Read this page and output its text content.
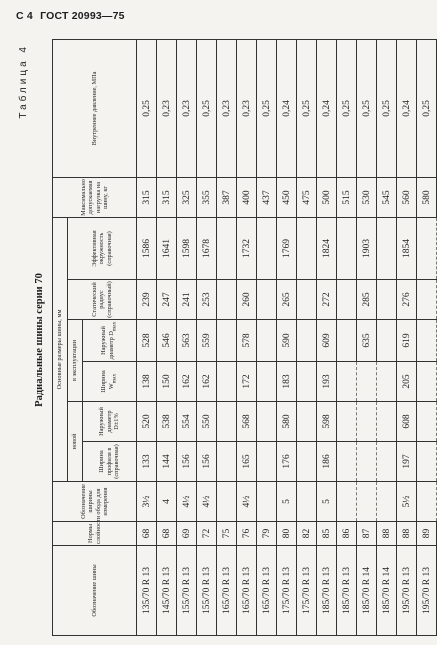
С 4 ГОСТ 20993—75
Таблица 4
Радиальные шины серии 70
Обозначение шины	Нормы слойности	Обозначение ширины обода для измерения	Основные размеры шины, мм						Максимально допускаемая нагрузка на шину, кг	Внутреннее давление, МПа
			новой		в эксплуатации		Статический радиус (справочный)	Эффективная окружность (справочная)		
			Ширина профиля в (справочная)	Наружный диаметр D±1%	Ширина Wmax	Наружный диаметр Dmax				
135/70 R 13	68	3½	133	520	138	528	239	1586	315	0,25
145/70 R 13	68	4	144	538	150	546	247	1641	315	0,23
155/70 R 13	69	4½	156	554	162	563	241	1598	325	0,23
155/70 R 13	72	4½	156	550	162	559	253	1678	355	0,25
165/70 R 13	75								387	0,23
165/70 R 13	76	4½	165	568	172	578	260	1732	400	0,23
165/70 R 13	79								437	0,25
175/70 R 13	80	5	176	580	183	590	265	1769	450	0,24
175/70 R 13	82								475	0,25
185/70 R 13	85	5	186	598	193	609	272	1824	500	0,24
185/70 R 13	86								515	0,25
185/70 R 14	87					635	285	1903	530	0,25
185/70 R 14	88								545	0,25
195/70 R 13	88	5½	197	608	205	619	276	1854	560	0,24
195/70 R 13	89								580	0,25
